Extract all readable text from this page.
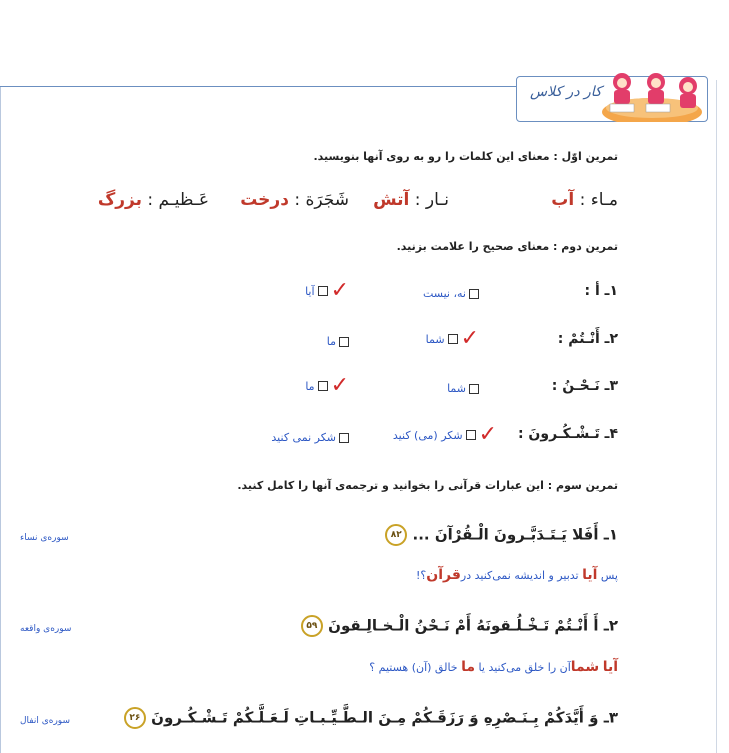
کار در کلاس
تمرین اوّل : معنای این کلمات را رو به روی آنها بنویسید.
مـاء : آب
نـار : آتش
شَجَرَة : درخت
عَـظیـم : بزرگ
تمرین دوم : معنای صحیح را علامت بزنید.
۱ـ أ :
نه، نیست
✓
آیا
۲ـ أَنْـتُمْ :
✓
شما
ما
۳ـ نَـحْـنُ :
شما
✓
ما
۴ـ تَـشْـكُـرونَ :
✓
شکر (می) کنید
شکر نمی کنید
تمرین سوم : این عبارات قرآنی را بخوانید و ترجمه‌ی آنها را کامل کنید.
۱ـ أَفَلا يَـتَـدَبَّـرونَ الْـقُرْآنَ ... ۸۲
سوره‌ی نساء
پس آیا تدبیر و اندیشه نمی‌کنید درقرآن؟!
۲ـ أَ أَنْـتُمْ تَـخْـلُـقونَهُ أَمْ نَـحْنُ الْـخـالِـقونَ ۵۹
سوره‌ی واقعه
آیا شماآن را خلق می‌کنید یا ما خالق (آن) هستیم ؟
۳ـ وَ أَيَّدَكُمْ بِـنَـصْرِهِ وَ رَزَقَـكُمْ مِـنَ الـطَّـيِّـبـاتِ لَـعَـلَّـكُمْ تَـشْـكُـرونَ ۲۶
سوره‌ی انفال
